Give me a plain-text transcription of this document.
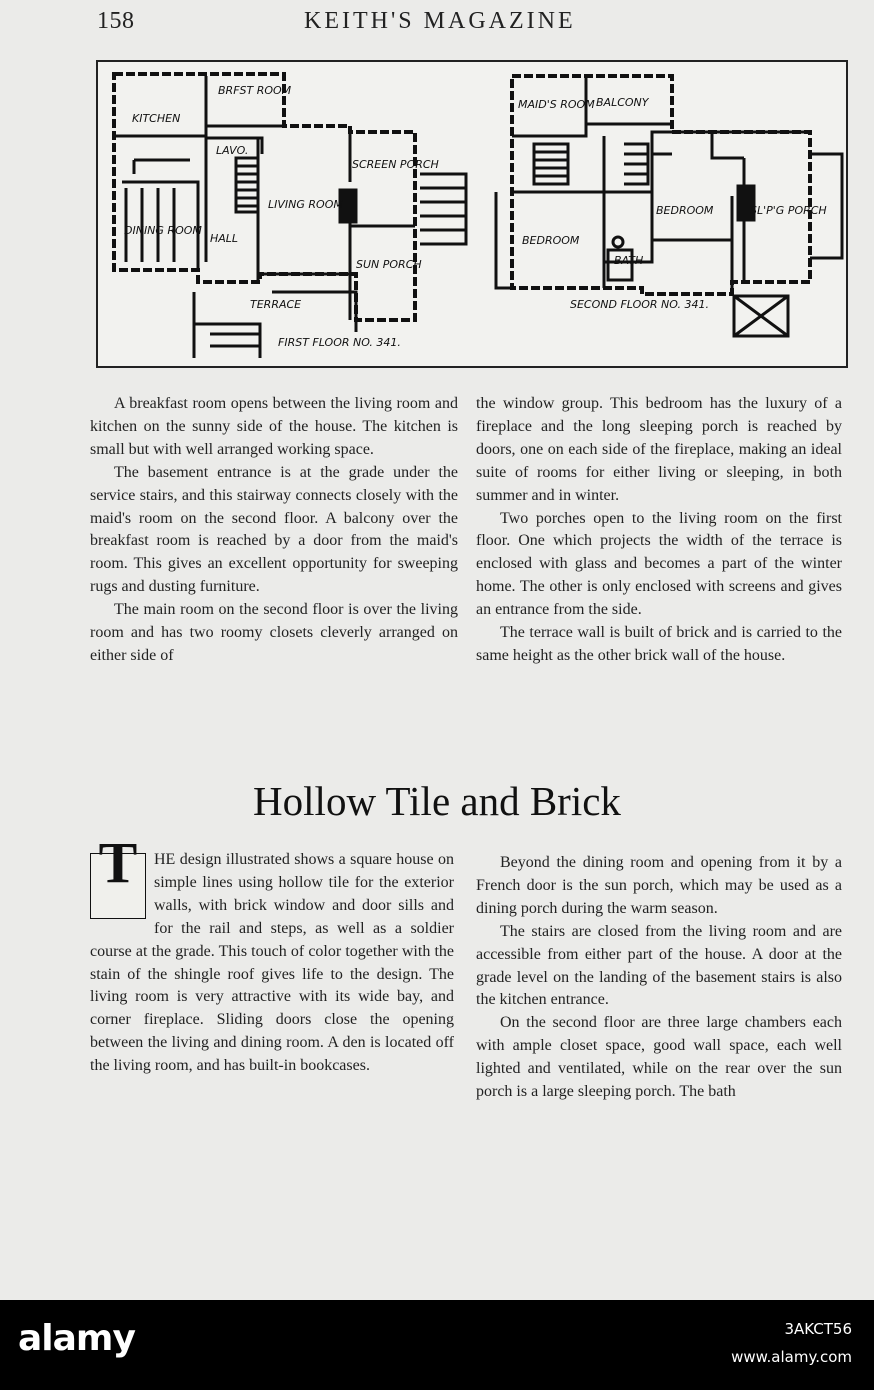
158	KEITH'S MAGAZINE
BRFST ROOM
KITCHEN
LAVO.
SCREEN PORCH
LIVING ROOM
DINING ROOM
HALL
SUN PORCH
TERRACE
FIRST FLOOR NO. 341.
MAID'S ROOM BALCONY
BEDROOM	SL'P'G PORCH
BEDROOM
BATH
SECOND FLOOR NO. 341.

A breakfast room opens between the living room and kitchen on the sunny side of the house. The kitchen is small but with well arranged working space.

The basement entrance is at the grade under the service stairs, and this stairway connects closely with the maid's room on the second floor. A balcony over the breakfast room is reached by a door from the maid's room. This gives an excellent opportunity for sweeping rugs and dusting furniture.

The main room on the second floor is over the living room and has two roomy closets cleverly arranged on either side of

the window group. This bedroom has the luxury of a fireplace and the long sleeping porch is reached by doors, one on each side of the fireplace, making an ideal suite of rooms for either living or sleeping, in both summer and in winter.

Two porches open to the living room on the first floor. One which projects the width of the terrace is enclosed with glass and becomes a part of the winter home. The other is only enclosed with screens and gives an entrance from the side.

The terrace wall is built of brick and is carried to the same height as the other brick wall of the house.

Hollow Tile and Brick
T	HE design illustrated shows a square house on simple lines using hollow tile for the exterior walls, with brick window and door sills and for the rail and steps, as well as a soldier course at the grade. This touch of color together with the stain of the shingle roof gives life to the design. The living room is very attractive with its wide bay, and corner fireplace. Sliding doors close the opening between the living and dining room. A den is located off the living room, and has built-in bookcases.

Beyond the dining room and opening from it by a French door is the sun porch, which may be used as a dining porch during the warm season.

The stairs are closed from the living room and are accessible from either part of the house. A door at the grade level on the landing of the basement stairs is also the kitchen entrance.

On the second floor are three large chambers each with ample closet space, good wall space, each well lighted and ventilated, while on the rear over the sun porch is a large sleeping porch. The bath

alamy	3AKCT56
www.alamy.com
